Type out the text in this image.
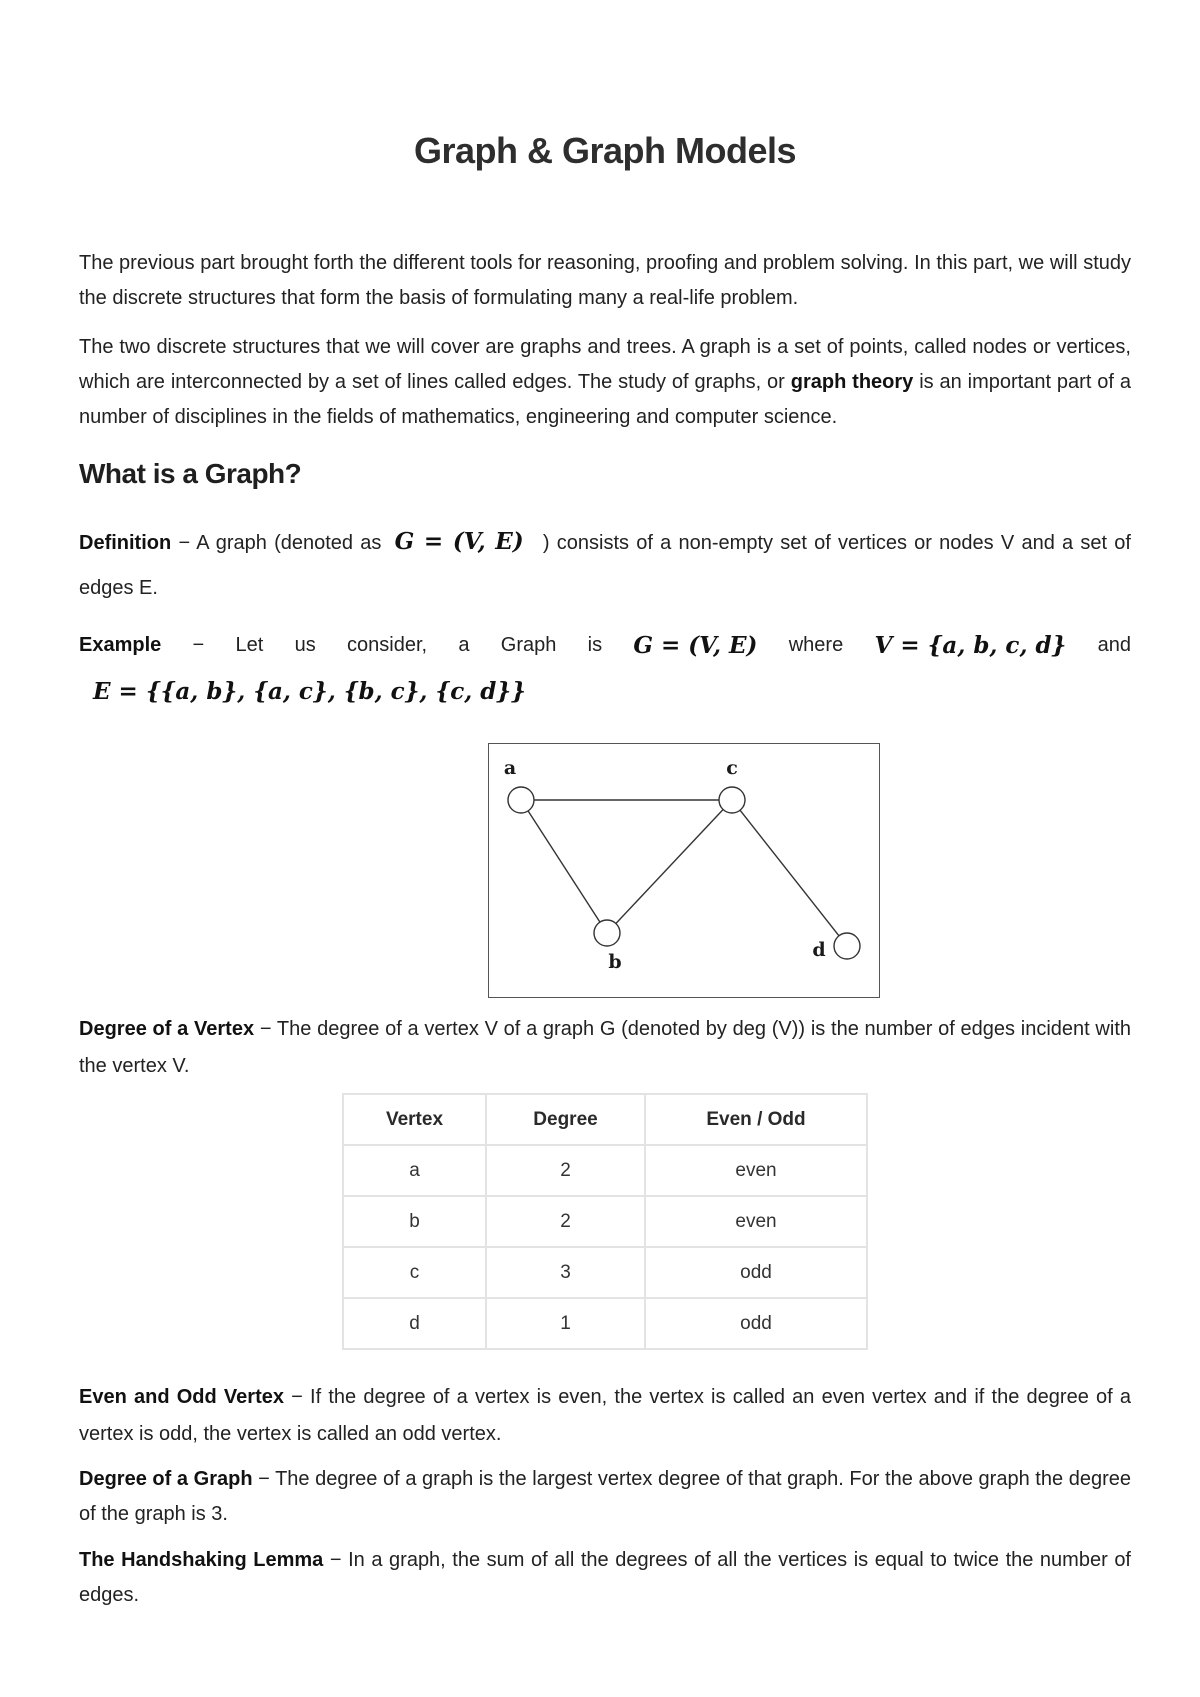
Graph & Graph Models

The previous part brought forth the different tools for reasoning, proofing and problem solving. In this part, we will study the discrete structures that form the basis of formulating many a real-life problem.

The two discrete structures that we will cover are graphs and trees. A graph is a set of points, called nodes or vertices, which are interconnected by a set of lines called edges. The study of graphs, or graph theory is an important part of a number of disciplines in the fields of mathematics, engineering and computer science.

What is a Graph?

Definition − A graph (denoted as G = (V, E) ) consists of a non-empty set of vertices or nodes V and a set of edges E.

Example − Let us consider, a Graph is G = (V, E) where V = {a, b, c, d} and
E = {{a, b}, {a, c}, {b, c}, {c, d}}
a
b
c
d

Degree of a Vertex − The degree of a vertex V of a graph G (denoted by deg (V)) is the number of edges incident with the vertex V.

Vertex	Degree	Even / Odd
a	2	even
b	2	even
c	3	odd
d	1	odd

Even and Odd Vertex − If the degree of a vertex is even, the vertex is called an even vertex and if the degree of a vertex is odd, the vertex is called an odd vertex.

Degree of a Graph − The degree of a graph is the largest vertex degree of that graph. For the above graph the degree of the graph is 3.

The Handshaking Lemma − In a graph, the sum of all the degrees of all the vertices is equal to twice the number of edges.
